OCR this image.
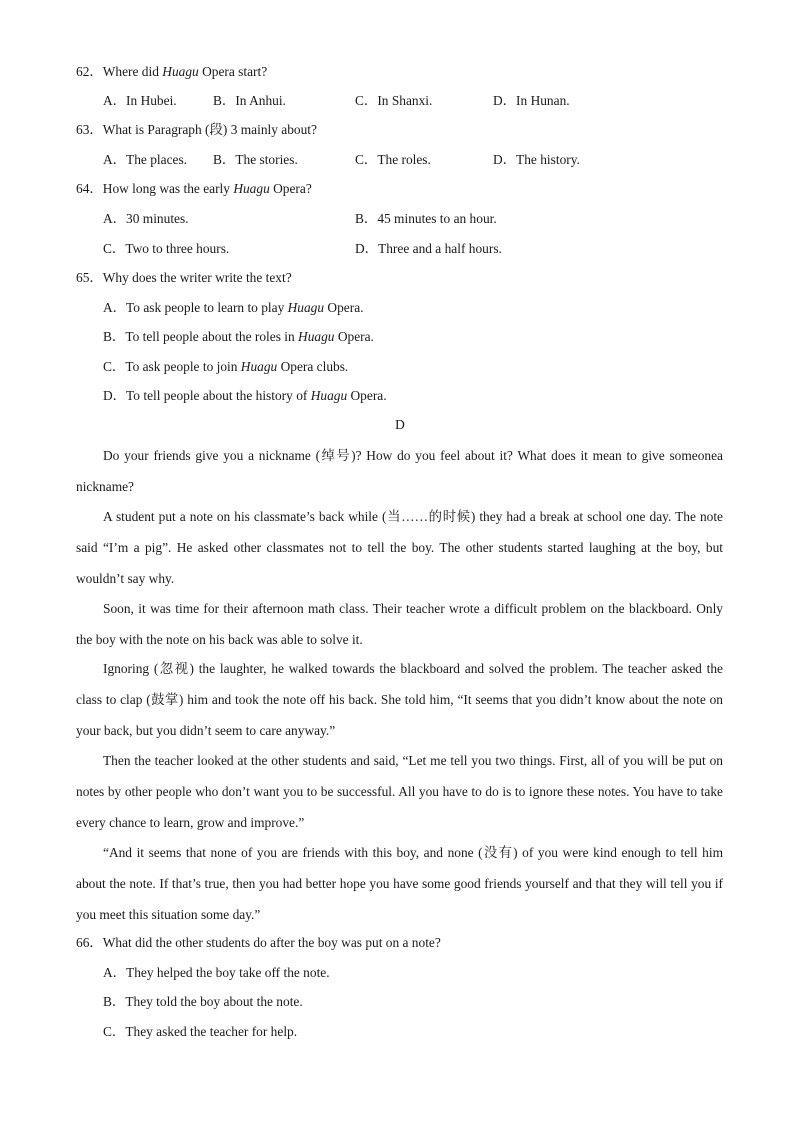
62．Where did Huagu Opera start?
A．In Hubei.	B．In Anhui.	C．In Shanxi.	D．In Hunan.
63．What is Paragraph (段) 3 mainly about?
A．The places. B．The stories.	C．The roles.	D．The history.
64．How long was the early Huagu Opera?
A．30 minutes.	B．45 minutes to an hour.
C．Two to three hours.	D．Three and a half hours.
65．Why does the writer write the text?
A．To ask people to learn to play Huagu Opera.
B．To tell people about the roles in Huagu Opera.
C．To ask people to join Huagu Opera clubs.
D．To tell people about the history of Huagu Opera.
D
Do your friends give you a nickname (绰号)? How do you feel about it? What does it mean to give someonea nickname?
A student put a note on his classmate’s back while (当……的时候) they had a break at school one day. The note said “I’m a pig”. He asked other classmates not to tell the boy. The other students started laughing at the boy, but wouldn’t say why.
Soon, it was time for their afternoon math class. Their teacher wrote a difficult problem on the blackboard. Only the boy with the note on his back was able to solve it.
Ignoring (忽视) the laughter, he walked towards the blackboard and solved the problem. The teacher asked the class to clap (鼓掌) him and took the note off his back. She told him, “It seems that you didn’t know about the note on your back, but you didn’t seem to care anyway.”
Then the teacher looked at the other students and said, “Let me tell you two things. First, all of you will be put on notes by other people who don’t want you to be successful. All you have to do is to ignore these notes. You have to take every chance to learn, grow and improve.”
“And it seems that none of you are friends with this boy, and none (没有) of you were kind enough to tell him about the note. If that’s true, then you had better hope you have some good friends yourself and that they will tell you if you meet this situation some day.”
66．What did the other students do after the boy was put on a note?
A．They helped the boy take off the note.
B．They told the boy about the note.
C．They asked the teacher for help.
